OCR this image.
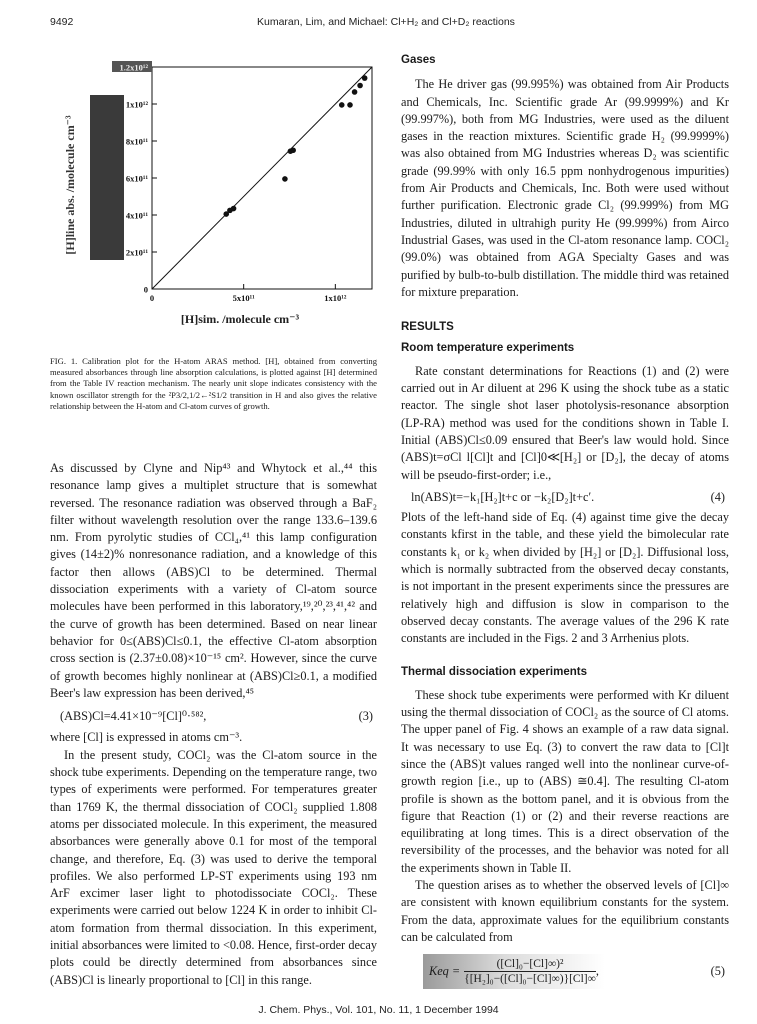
9492	Kumaran, Lim, and Michael: Cl+H₂ and Cl+D₂ reactions
0
2x10¹¹
4x10¹¹
6x10¹¹
8x10¹¹
1x10¹²
1.2x10¹²
0	5x10¹¹	1x10¹²
[H]line abs. /molecule cm⁻³
[H]sim. /molecule cm⁻³
FIG. 1. Calibration plot for the H-atom ARAS method. [H], obtained from converting measured absorbances through line absorption calculations, is plotted against [H] determined from the Table IV reaction mechanism. The nearly unit slope indicates consistency with the known oscillator strength for the ²P3/2,1/2←²S1/2 transition in H and also gives the relative relationship between the H-atom and Cl-atom curves of growth.

As discussed by Clyne and Nip⁴³ and Whytock et al.,⁴⁴ this resonance lamp gives a multiplet structure that is somewhat reversed. The resonance radiation was observed through a BaF₂ filter without wavelength resolution over the range 133.6–139.6 nm. From pyrolytic studies of CCl₄,⁴¹ this lamp configuration gives (14±2)% nonresonance radiation, and a knowledge of this factor then allows (ABS)Cl to be determined. Thermal dissociation experiments with a variety of Cl-atom source molecules have been performed in this laboratory,¹⁹,²⁰,²³,⁴¹,⁴² and the curve of growth has been determined. Based on near linear behavior for 0≤(ABS)Cl≤0.1, the effective Cl-atom absorption cross section is (2.37±0.08)×10⁻¹⁵ cm². However, since the curve of growth becomes highly nonlinear at (ABS)Cl≥0.1, a modified Beer's law expression has been derived,⁴⁵

(ABS)Cl=4.41×10⁻⁹[Cl]⁰·⁵⁸²,	(3)

where [Cl] is expressed in atoms cm⁻³.

In the present study, COCl₂ was the Cl-atom source in the shock tube experiments. Depending on the temperature range, two types of experiments were performed. For temperatures greater than 1769 K, the thermal dissociation of COCl₂ supplied 1.808 atoms per dissociated molecule. In this experiment, the measured absorbances were generally above 0.1 for most of the temporal change, and therefore, Eq. (3) was used to derive the temporal profiles. We also performed LP-ST experiments using 193 nm ArF excimer laser light to photodissociate COCl₂. These experiments were carried out below 1224 K in order to inhibit Cl-atom formation from thermal dissociation. In this experiment, initial absorbances were limited to <0.08. Hence, first-order decay plots could be directly determined from absorbances since (ABS)Cl is linearly proportional to [Cl] in this range.

Gases

The He driver gas (99.995%) was obtained from Air Products and Chemicals, Inc. Scientific grade Ar (99.9999%) and Kr (99.997%), both from MG Industries, were used as the diluent gases in the reaction mixtures. Scientific grade H₂ (99.9999%) was also obtained from MG Industries whereas D₂ was scientific grade (99.99% with only 16.5 ppm nonhydrogenous impurities) from Air Products and Chemicals, Inc. Both were used without further purification. Electronic grade Cl₂ (99.999%) from MG Industries, diluted in ultrahigh purity He (99.999%) from Airco Industrial Gases, was used in the Cl-atom resonance lamp. COCl₂ (99.0%) was obtained from AGA Specialty Gases and was purified by bulb-to-bulb distillation. The middle third was retained for mixture preparation.

RESULTS
Room temperature experiments

Rate constant determinations for Reactions (1) and (2) were carried out in Ar diluent at 296 K using the shock tube as a static reactor. The single shot laser photolysis-resonance absorption (LP-RA) method was used for the conditions shown in Table I. Initial (ABS)Cl≤0.09 ensured that Beer's law would hold. Since (ABS)t=σCl l[Cl]t and [Cl]0≪[H₂] or [D₂], the decay of atoms will be pseudo-first-order; i.e.,

ln(ABS)t=−k₁[H₂]t+c or −k₂[D₂]t+c′.	(4)

Plots of the left-hand side of Eq. (4) against time give the decay constants kfirst in the table, and these yield the bimolecular rate constants k₁ or k₂ when divided by [H₂] or [D₂]. Diffusional loss, which is normally subtracted from the observed decay constants, is not important in the present experiments since the pressures are relatively high and diffusion is slow in comparison to the observed decay constants. The average values of the 296 K rate constants are included in the Figs. 2 and 3 Arrhenius plots.

Thermal dissociation experiments

These shock tube experiments were performed with Kr diluent using the thermal dissociation of COCl₂ as the source of Cl atoms. The upper panel of Fig. 4 shows an example of a raw data signal. It was necessary to use Eq. (3) to convert the raw data to [Cl]t since the (ABS)t values ranged well into the nonlinear curve-of-growth region [i.e., up to (ABS) ≅0.4]. The resulting Cl-atom profile is shown as the bottom panel, and it is obvious from the figure that Reaction (1) or (2) and their reverse reactions are equilibrating at long times. This is a direct observation of the reversibility of the processes, and the behavior was noted for all the experiments shown in Table II.

The question arises as to whether the observed levels of [Cl]∞ are consistent with known equilibrium constants for the system. From the data, approximate values for the equilibrium constants can be calculated from

Keq =	([Cl]₀−[Cl]∞)²
{[H₂]₀−([Cl]₀−[Cl]∞)}[Cl]∞
,	(5)
J. Chem. Phys., Vol. 101, No. 11, 1 December 1994
